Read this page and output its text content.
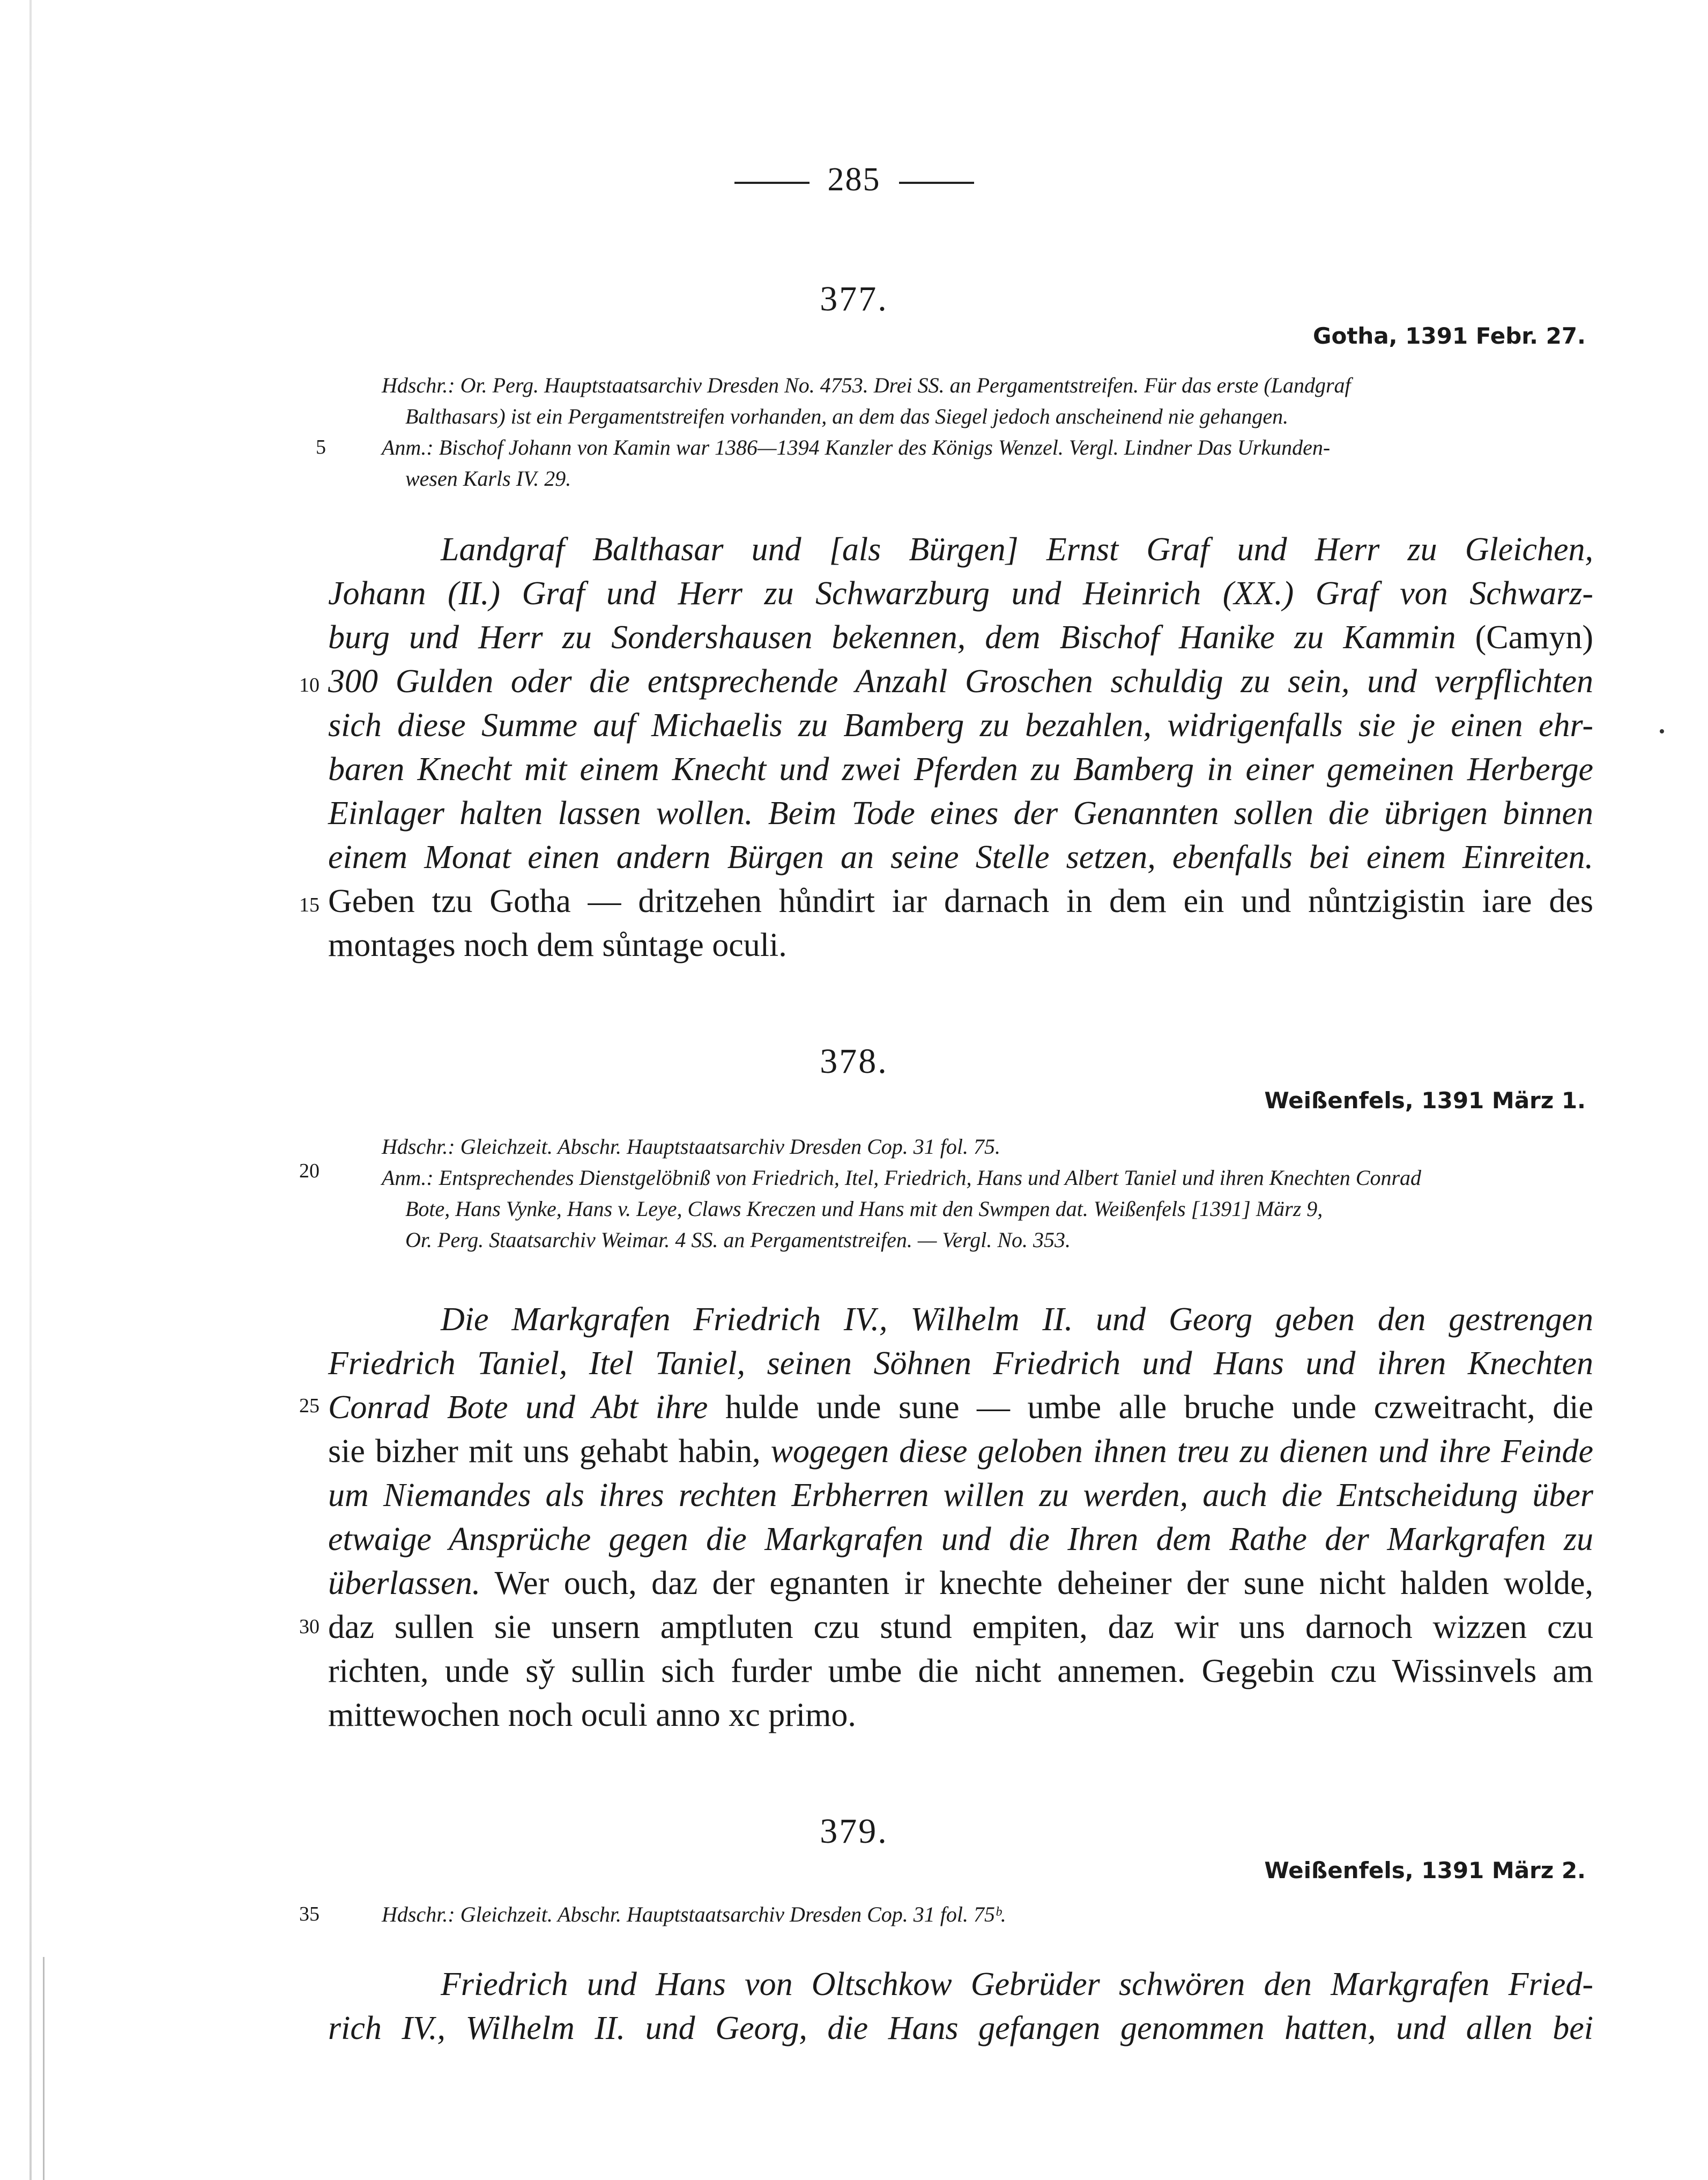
285
377.
Gotha, 1391 Febr. 27.
Hdschr.: Or. Perg. Hauptstaatsarchiv Dresden No. 4753. Drei SS. an Pergamentstreifen. Für das erste (Landgraf
Balthasars) ist ein Pergamentstreifen vorhanden, an dem das Siegel jedoch anscheinend nie gehangen.
Anm.: Bischof Johann von Kamin war 1386—1394 Kanzler des Königs Wenzel. Vergl. Lindner Das Urkunden-
wesen Karls IV. 29.
Landgraf Balthasar und [als Bürgen] Ernst Graf und Herr zu Gleichen,
Johann (II.) Graf und Herr zu Schwarzburg und Heinrich (XX.) Graf von Schwarz-
burg und Herr zu Sondershausen bekennen, dem Bischof Hanike zu Kammin (Camyn)
300 Gulden oder die entsprechende Anzahl Groschen schuldig zu sein, und verpflichten
sich diese Summe auf Michaelis zu Bamberg zu bezahlen, widrigenfalls sie je einen ehr-
baren Knecht mit einem Knecht und zwei Pferden zu Bamberg in einer gemeinen Herberge
Einlager halten lassen wollen. Beim Tode eines der Genannten sollen die übrigen binnen
einem Monat einen andern Bürgen an seine Stelle setzen, ebenfalls bei einem Einreiten.
Geben tzu Gotha — dritzehen hůndirt iar darnach in dem ein und nůntzigistin iare des
montages noch dem sůntage oculi.
378.
Weißenfels, 1391 März 1.
Hdschr.: Gleichzeit. Abschr. Hauptstaatsarchiv Dresden Cop. 31 fol. 75.
Anm.: Entsprechendes Dienstgelöbniß von Friedrich, Itel, Friedrich, Hans und Albert Taniel und ihren Knechten Conrad
Bote, Hans Vynke, Hans v. Leye, Claws Kreczen und Hans mit den Swmpen dat. Weißenfels [1391] März 9,
Or. Perg. Staatsarchiv Weimar. 4 SS. an Pergamentstreifen. — Vergl. No. 353.
Die Markgrafen Friedrich IV., Wilhelm II. und Georg geben den gestrengen
Friedrich Taniel, Itel Taniel, seinen Söhnen Friedrich und Hans und ihren Knechten
Conrad Bote und Abt ihre hulde unde sune — umbe alle bruche unde czweitracht, die
sie bizher mit uns gehabt habin, wogegen diese geloben ihnen treu zu dienen und ihre Feinde
um Niemandes als ihres rechten Erbherren willen zu werden, auch die Entscheidung über
etwaige Ansprüche gegen die Markgrafen und die Ihren dem Rathe der Markgrafen zu
überlassen. Wer ouch, daz der egnanten ir knechte deheiner der sune nicht halden wolde,
daz sullen sie unsern amptluten czu stund empiten, daz wir uns darnoch wizzen czu
richten, unde sy̆ sullin sich furder umbe die nicht annemen. Gegebin czu Wissinvels am
mittewochen noch oculi anno xc primo.
379.
Weißenfels, 1391 März 2.
Hdschr.: Gleichzeit. Abschr. Hauptstaatsarchiv Dresden Cop. 31 fol. 75ᵇ.
Friedrich und Hans von Oltschkow Gebrüder schwören den Markgrafen Fried-
rich IV., Wilhelm II. und Georg, die Hans gefangen genommen hatten, und allen bei
5
10
15
20
25
30
35
